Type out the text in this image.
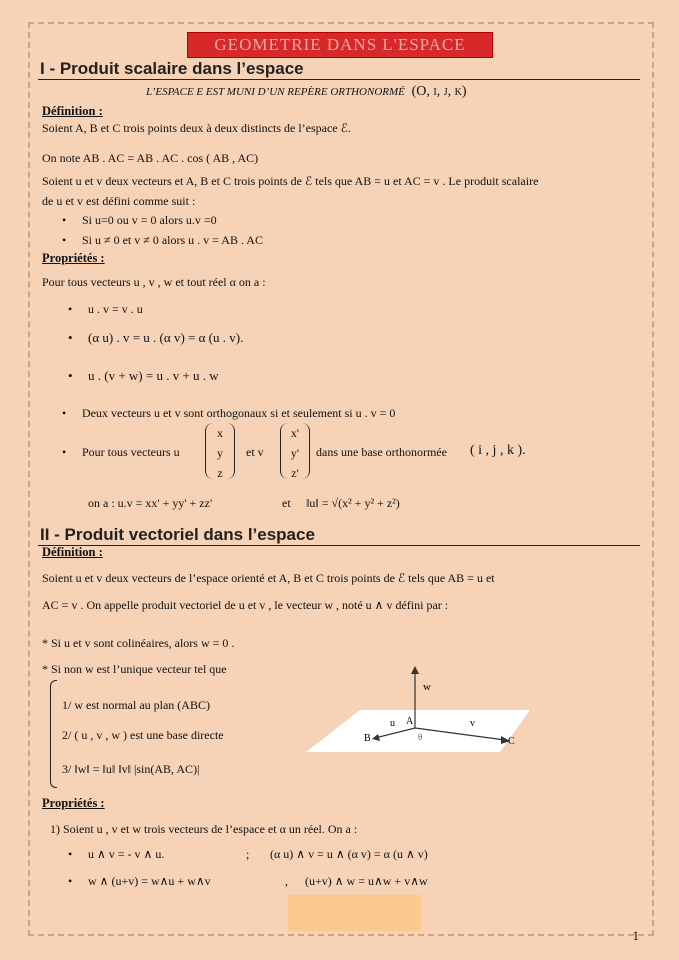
GEOMETRIE DANS L'ESPACE
I - Produit scalaire dans l’espace
L’ESPACE E EST MUNI D’UN REPÈRE ORTHONORMÉ (O, i, j, k)
Définition :
Soient A, B et C trois points deux à deux distincts de l’espace ℰ.
On note AB . AC = AB . AC . cos ( AB , AC)
Soient u et v deux vecteurs et A, B et C trois points de ℰ tels que AB = u et AC = v . Le produit scalaire
de u et v est défini comme suit :
• Si u=0 ou v = 0 alors u.v =0
• Si u ≠ 0 et v ≠ 0 alors u . v = AB . AC
Propriétés :
Pour tous vecteurs u , v , w et tout réel α on a :
• u . v = v . u
• (α u) . v = u . (α v) = α (u . v).
• u . (v + w) = u . v + u . w
• Deux vecteurs u et v sont orthogonaux si et seulement si u . v = 0
• Pour tous vecteurs u
x
y
z
et v
x'
y'
z'
dans une base orthonormée ( i , j , k ).
on a : u.v = xx' + yy' + zz'	et ‖u‖ = √(x² + y² + z²)
II - Produit vectoriel dans l’espace
Définition :
Soient u et v deux vecteurs de l’espace orienté et A, B et C trois points de ℰ tels que AB = u et
AC = v . On appelle produit vectoriel de u et v , le vecteur w , noté u ∧ v défini par :
* Si u et v sont colinéaires, alors w = 0 .
* Si non w est l’unique vecteur tel que
1/ w est normal au plan (ABC)
2/ ( u , v , w ) est une base directe
3/ ‖w‖ = ‖u‖ ‖v‖ |sin(AB, AC)|
w
u	v
A
B	C
θ
Propriétés :
1) Soient u , v et w trois vecteurs de l’espace et α un réel. On a :
• u ∧ v = - v ∧ u.	; (α u) ∧ v = u ∧ (α v) = α (u ∧ v)
• w ∧ (u+v) = w∧u + w∧v	, (u+v) ∧ w = u∧w + v∧w
1
